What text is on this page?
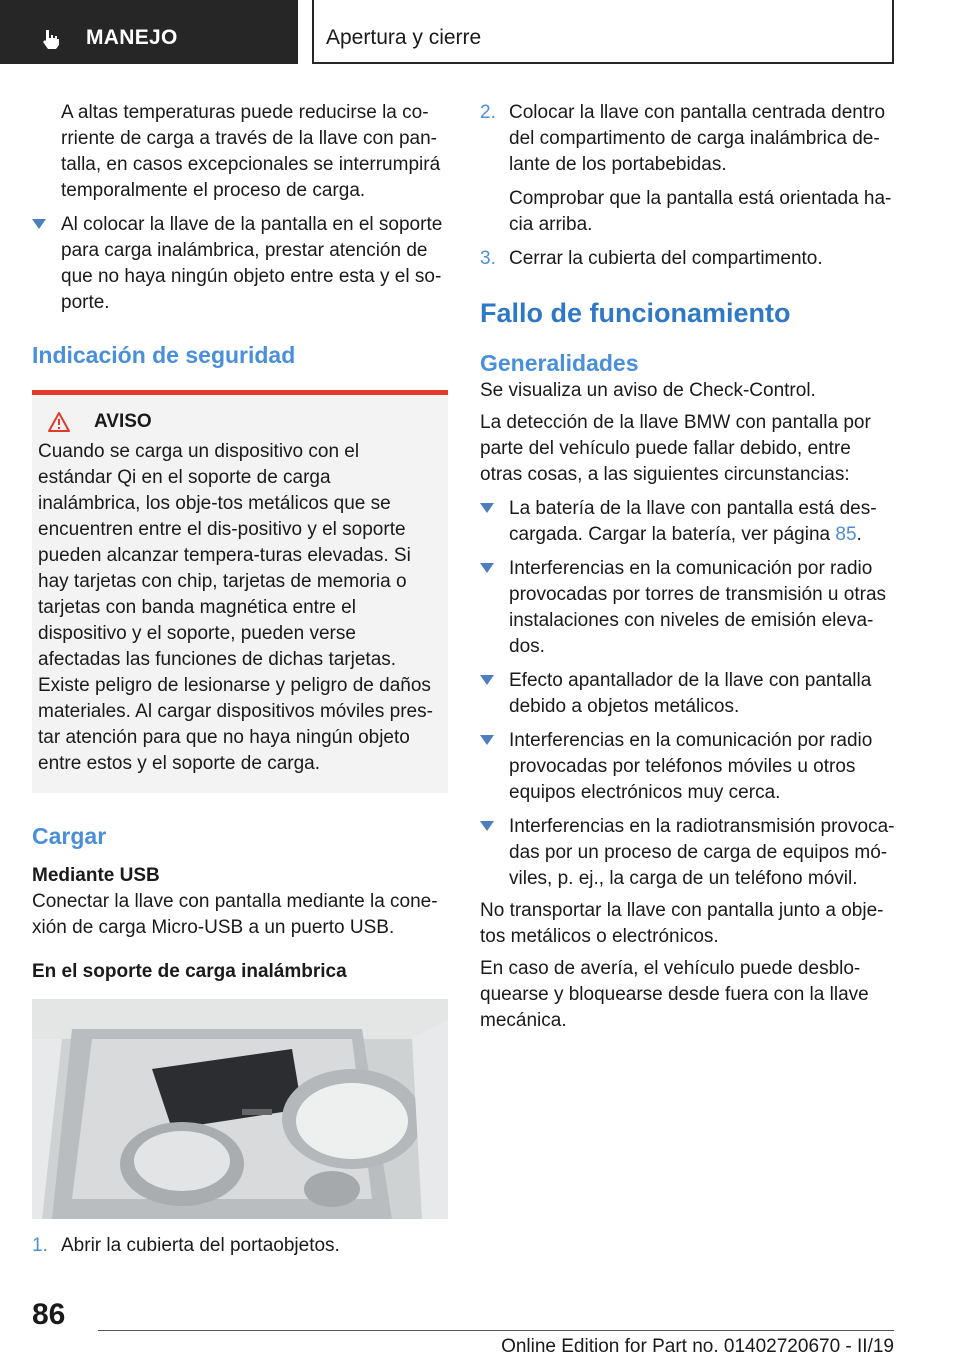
MANEJO	Apertura y cierre

A altas temperaturas puede reducirse la co-rriente de carga a través de la llave con pan-talla, en casos excepcionales se interrumpirá temporalmente el proceso de carga.

Al colocar la llave de la pantalla en el soporte para carga inalámbrica, prestar atención de que no haya ningún objeto entre esta y el so-porte.
Indicación de seguridad
AVISO

Cuando se carga un dispositivo con el estándar Qi en el soporte de carga inalámbrica, los obje-tos metálicos que se encuentren entre el dis-positivo y el soporte pueden alcanzar tempera-turas elevadas. Si hay tarjetas con chip, tarjetas de memoria o tarjetas con banda magnética entre el dispositivo y el soporte, pueden verse afectadas las funciones de dichas tarjetas. Existe peligro de lesionarse y peligro de daños materiales. Al cargar dispositivos móviles pres-tar atención para que no haya ningún objeto entre estos y el soporte de carga.

Cargar
Mediante USB

Conectar la llave con pantalla mediante la cone-xión de carga Micro-USB a un puerto USB.

En el soporte de carga inalámbrica
1. Abrir la cubierta del portaobjetos.
2. Colocar la llave con pantalla centrada dentro del compartimento de carga inalámbrica de-lante de los portabebidas.

Comprobar que la pantalla está orientada ha-cia arriba.

3. Cerrar la cubierta del compartimento.
Fallo de funcionamiento
Generalidades

Se visualiza un aviso de Check-Control.

La detección de la llave BMW con pantalla por parte del vehículo puede fallar debido, entre otras cosas, a las siguientes circunstancias:

La batería de la llave con pantalla está des-cargada. Cargar la batería, ver página 85.
Interferencias en la comunicación por radio provocadas por torres de transmisión u otras instalaciones con niveles de emisión eleva-dos.
Efecto apantallador de la llave con pantalla debido a objetos metálicos.
Interferencias en la comunicación por radio provocadas por teléfonos móviles u otros equipos electrónicos muy cerca.
Interferencias en la radiotransmisión provoca-das por un proceso de carga de equipos mó-viles, p. ej., la carga de un teléfono móvil.

No transportar la llave con pantalla junto a obje-tos metálicos o electrónicos.

En caso de avería, el vehículo puede desblo-quearse y bloquearse desde fuera con la llave mecánica.

86
Online Edition for Part no. 01402720670 - II/19
